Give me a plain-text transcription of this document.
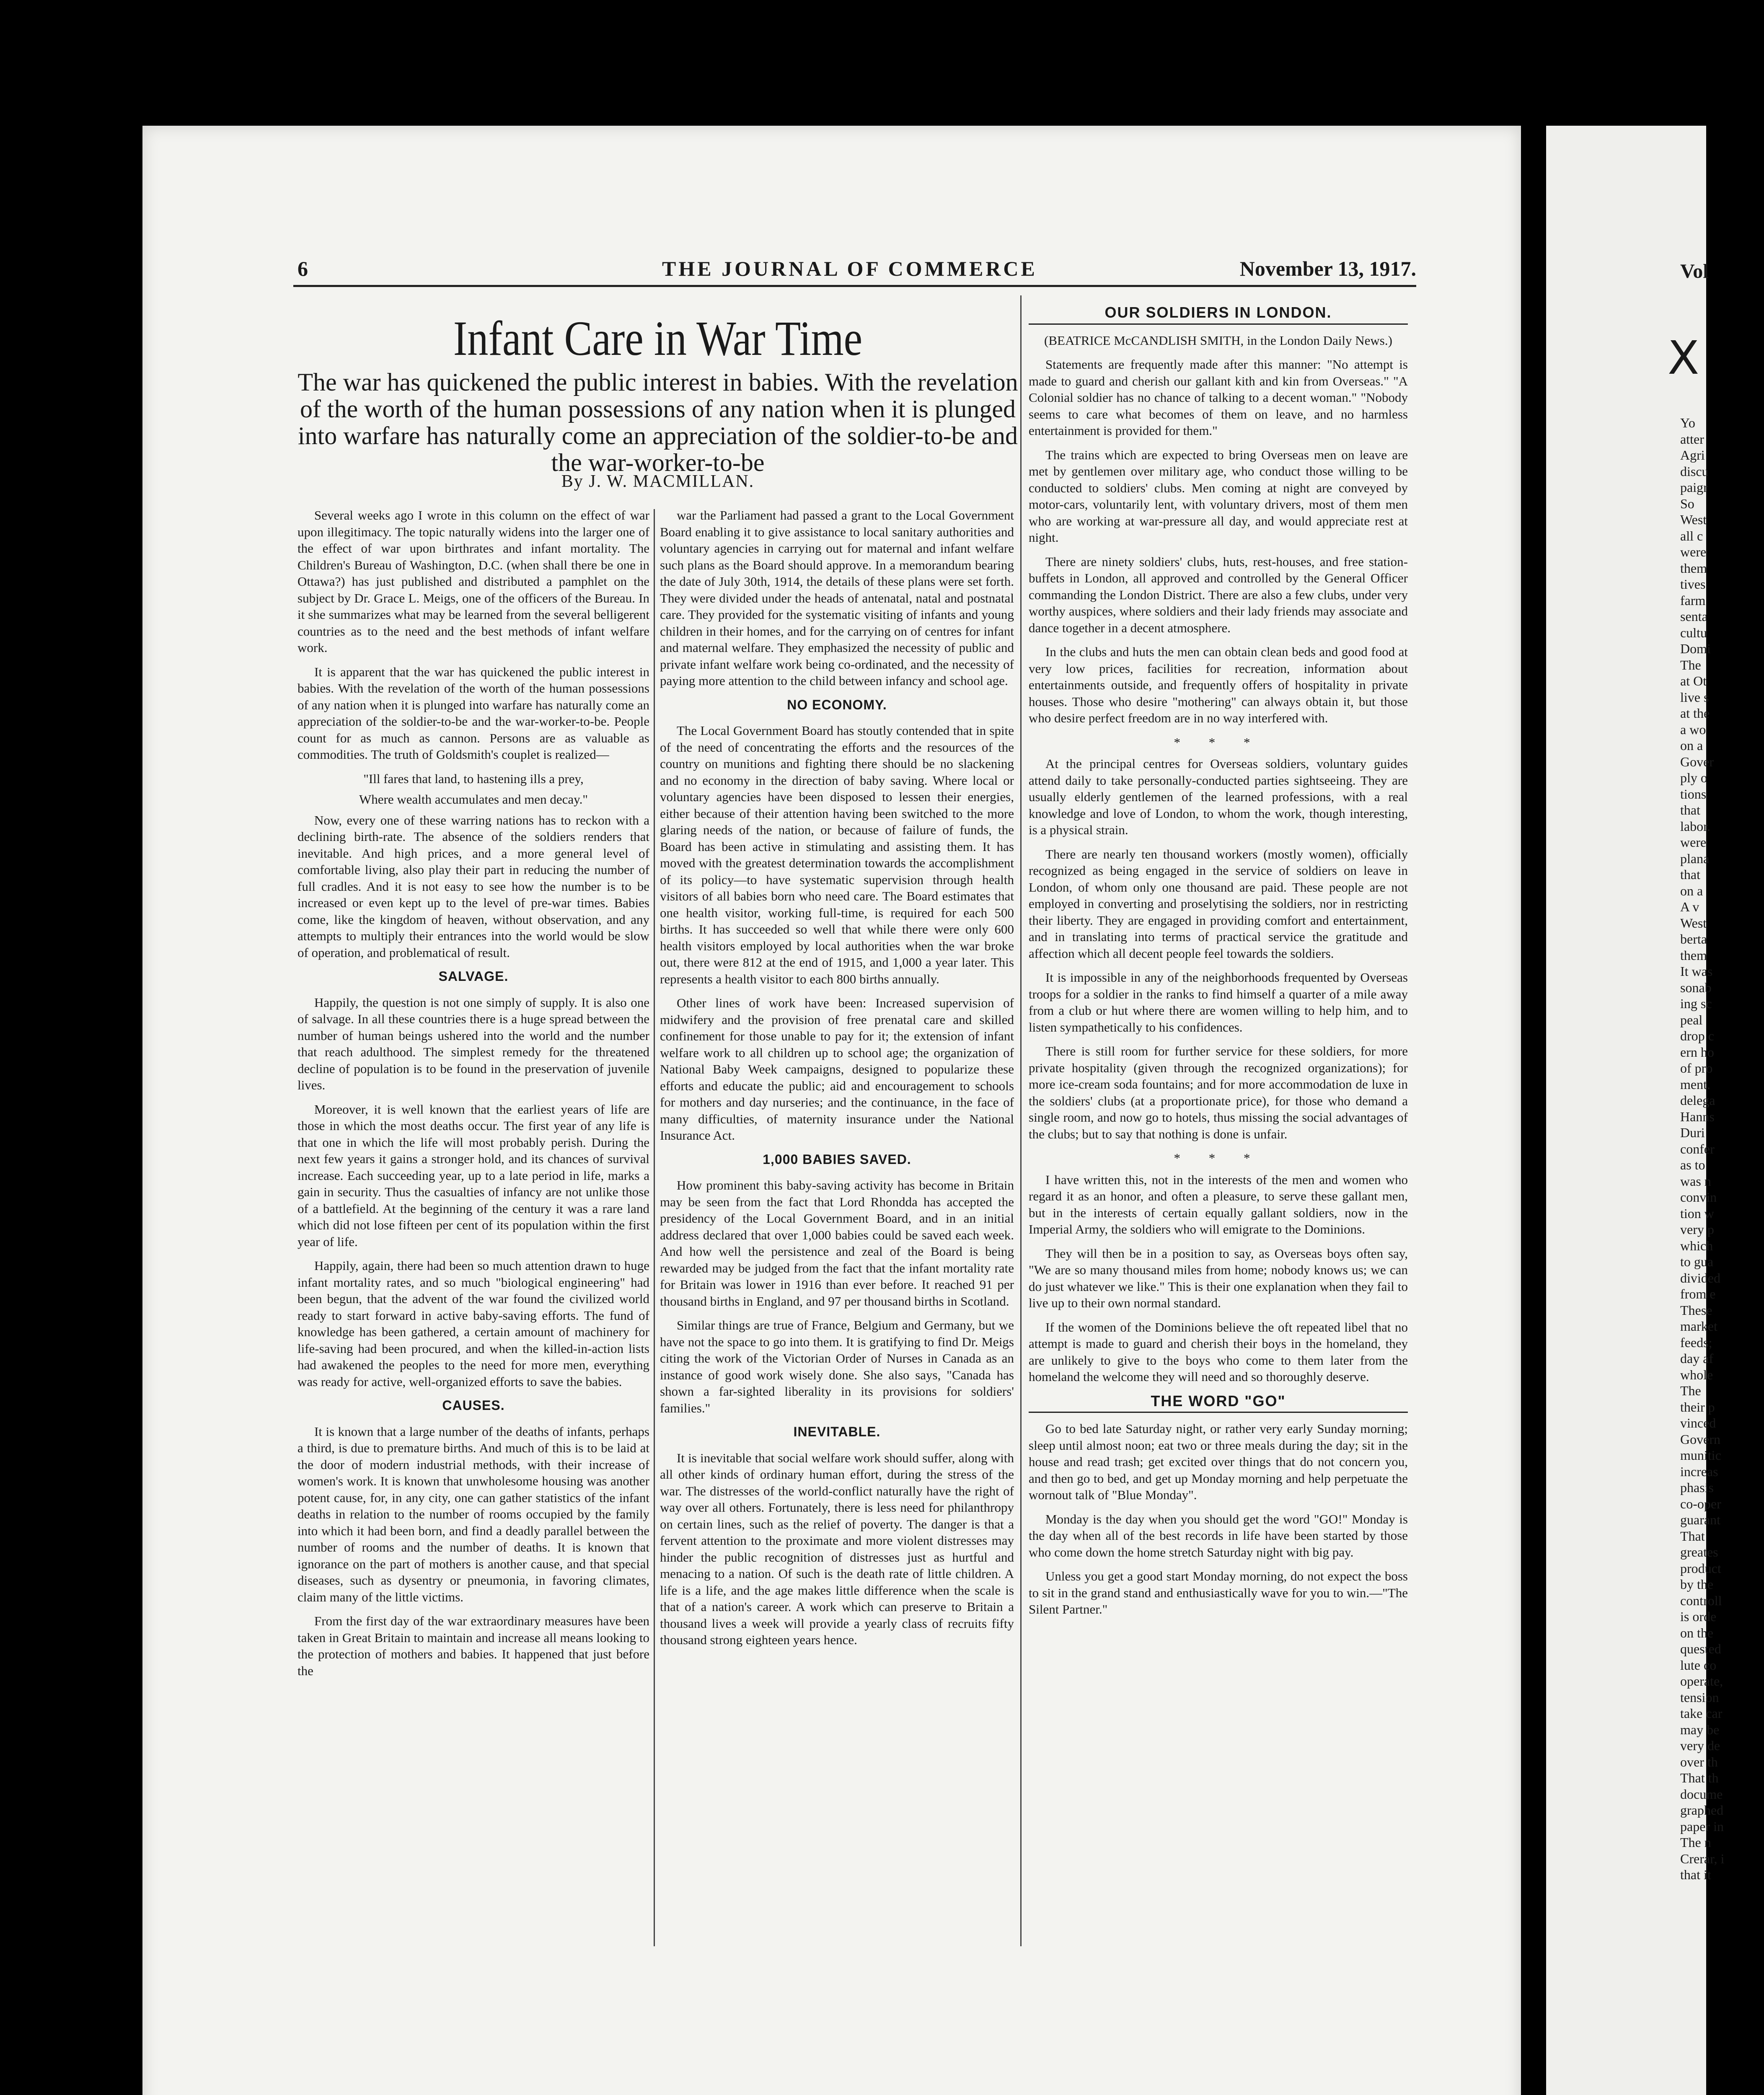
Vol
X
Yo
atter
Agri
discu
paigr
So
West
all c
were
them
tives
farm
senta
cultu
Domi
The
at Ot
live s
at the
a wo
on a
Gover
ply o
tions
that
labor.
were
plana
that
on a
A v
West
berta
them
It was
sonab
ing sc
peal
drop c
ern ho
of pro
ment.
delega
Hanns
Duri
confer
as to
was n
convin
tion w
very p
which
to gua
divided
from e
These
market
feeds;
day af
whole
The
their p
vinced
Govern
munitic
increas
phasis
co-oper
guarant
That
greates
product
by the
controll
is orde
on the
quested
lute co
operate,
tension
take car
may be
very de
over th
That th
docume
graphed
paper in
The n
Crerar, i
that it
6	THE JOURNAL OF COMMERCE	November 13, 1917.
Infant Care in War Time
The war has quickened the public interest in babies. With the revelation of the worth of the human possessions of any nation when it is plunged into warfare has naturally come an appreciation of the soldier-to-be and the war-worker-to-be
By J. W. MACMILLAN.

Several weeks ago I wrote in this column on the effect of war upon illegitimacy. The topic naturally widens into the larger one of the effect of war upon birthrates and infant mortality. The Children's Bureau of Washington, D.C. (when shall there be one in Ottawa?) has just published and distributed a pamphlet on the subject by Dr. Grace L. Meigs, one of the officers of the Bureau. In it she summarizes what may be learned from the several belligerent countries as to the need and the best methods of infant welfare work.

It is apparent that the war has quickened the public interest in babies. With the revelation of the worth of the human possessions of any nation when it is plunged into warfare has naturally come an appreciation of the soldier-to-be and the war-worker-to-be. People count for as much as cannon. Persons are as valuable as commodities. The truth of Goldsmith's couplet is realized—

"Ill fares that land, to hastening ills a prey,

Where wealth accumulates and men decay."

Now, every one of these warring nations has to reckon with a declining birth-rate. The absence of the soldiers renders that inevitable. And high prices, and a more general level of comfortable living, also play their part in reducing the number of full cradles. And it is not easy to see how the number is to be increased or even kept up to the level of pre-war times. Babies come, like the kingdom of heaven, without observation, and any attempts to multiply their entrances into the world would be slow of operation, and problematical of result.

SALVAGE.

Happily, the question is not one simply of supply. It is also one of salvage. In all these countries there is a huge spread between the number of human beings ushered into the world and the number that reach adulthood. The simplest remedy for the threatened decline of population is to be found in the preservation of juvenile lives.

Moreover, it is well known that the earliest years of life are those in which the most deaths occur. The first year of any life is that one in which the life will most probably perish. During the next few years it gains a stronger hold, and its chances of survival increase. Each succeeding year, up to a late period in life, marks a gain in security. Thus the casualties of infancy are not unlike those of a battlefield. At the beginning of the century it was a rare land which did not lose fifteen per cent of its population within the first year of life.

Happily, again, there had been so much attention drawn to huge infant mortality rates, and so much "biological engineering" had been begun, that the advent of the war found the civilized world ready to start forward in active baby-saving efforts. The fund of knowledge has been gathered, a certain amount of machinery for life-saving had been procured, and when the killed-in-action lists had awakened the peoples to the need for more men, everything was ready for active, well-organized efforts to save the babies.

CAUSES.

It is known that a large number of the deaths of infants, perhaps a third, is due to premature births. And much of this is to be laid at the door of modern industrial methods, with their increase of women's work. It is known that unwholesome housing was another potent cause, for, in any city, one can gather statistics of the infant deaths in relation to the number of rooms occupied by the family into which it had been born, and find a deadly parallel between the number of rooms and the number of deaths. It is known that ignorance on the part of mothers is another cause, and that special diseases, such as dysentry or pneumonia, in favoring climates, claim many of the little victims.

From the first day of the war extraordinary measures have been taken in Great Britain to maintain and increase all means looking to the protection of mothers and babies. It happened that just before the

war the Parliament had passed a grant to the Local Government Board enabling it to give assistance to local sanitary authorities and voluntary agencies in carrying out for maternal and infant welfare such plans as the Board should approve. In a memorandum bearing the date of July 30th, 1914, the details of these plans were set forth. They were divided under the heads of antenatal, natal and postnatal care. They provided for the systematic visiting of infants and young children in their homes, and for the carrying on of centres for infant and maternal welfare. They emphasized the necessity of public and private infant welfare work being co-ordinated, and the necessity of paying more attention to the child between infancy and school age.

NO ECONOMY.

The Local Government Board has stoutly contended that in spite of the need of concentrating the efforts and the resources of the country on munitions and fighting there should be no slackening and no economy in the direction of baby saving. Where local or voluntary agencies have been disposed to lessen their energies, either because of their attention having been switched to the more glaring needs of the nation, or because of failure of funds, the Board has been active in stimulating and assisting them. It has moved with the greatest determination towards the accomplishment of its policy—to have systematic supervision through health visitors of all babies born who need care. The Board estimates that one health visitor, working full-time, is required for each 500 births. It has succeeded so well that while there were only 600 health visitors employed by local authorities when the war broke out, there were 812 at the end of 1915, and 1,000 a year later. This represents a health visitor to each 800 births annually.

Other lines of work have been: Increased supervision of midwifery and the provision of free prenatal care and skilled confinement for those unable to pay for it; the extension of infant welfare work to all children up to school age; the organization of National Baby Week campaigns, designed to popularize these efforts and educate the public; aid and encouragement to schools for mothers and day nurseries; and the continuance, in the face of many difficulties, of maternity insurance under the National Insurance Act.

1,000 BABIES SAVED.

How prominent this baby-saving activity has become in Britain may be seen from the fact that Lord Rhondda has accepted the presidency of the Local Government Board, and in an initial address declared that over 1,000 babies could be saved each week. And how well the persistence and zeal of the Board is being rewarded may be judged from the fact that the infant mortality rate for Britain was lower in 1916 than ever before. It reached 91 per thousand births in England, and 97 per thousand births in Scotland.

Similar things are true of France, Belgium and Germany, but we have not the space to go into them. It is gratifying to find Dr. Meigs citing the work of the Victorian Order of Nurses in Canada as an instance of good work wisely done. She also says, "Canada has shown a far-sighted liberality in its provisions for soldiers' families."

INEVITABLE.

It is inevitable that social welfare work should suffer, along with all other kinds of ordinary human effort, during the stress of the war. The distresses of the world-conflict naturally have the right of way over all others. Fortunately, there is less need for philanthropy on certain lines, such as the relief of poverty. The danger is that a fervent attention to the proximate and more violent distresses may hinder the public recognition of distresses just as hurtful and menacing to a nation. Of such is the death rate of little children. A life is a life, and the age makes little difference when the scale is that of a nation's career. A work which can preserve to Britain a thousand lives a week will provide a yearly class of recruits fifty thousand strong eighteen years hence.

OUR SOLDIERS IN LONDON.

(BEATRICE McCANDLISH SMITH, in the London Daily News.)

Statements are frequently made after this manner: "No attempt is made to guard and cherish our gallant kith and kin from Overseas." "A Colonial soldier has no chance of talking to a decent woman." "Nobody seems to care what becomes of them on leave, and no harmless entertainment is provided for them."

The trains which are expected to bring Overseas men on leave are met by gentlemen over military age, who conduct those willing to be conducted to soldiers' clubs. Men coming at night are conveyed by motor-cars, voluntarily lent, with voluntary drivers, most of them men who are working at war-pressure all day, and would appreciate rest at night.

There are ninety soldiers' clubs, huts, rest-houses, and free station-buffets in London, all approved and controlled by the General Officer commanding the London District. There are also a few clubs, under very worthy auspices, where soldiers and their lady friends may associate and dance together in a decent atmosphere.

In the clubs and huts the men can obtain clean beds and good food at very low prices, facilities for recreation, information about entertainments outside, and frequently offers of hospitality in private houses. Those who desire "mothering" can always obtain it, but those who desire perfect freedom are in no way interfered with.

* * *

At the principal centres for Overseas soldiers, voluntary guides attend daily to take personally-conducted parties sightseeing. They are usually elderly gentlemen of the learned professions, with a real knowledge and love of London, to whom the work, though interesting, is a physical strain.

There are nearly ten thousand workers (mostly women), officially recognized as being engaged in the service of soldiers on leave in London, of whom only one thousand are paid. These people are not employed in converting and proselytising the soldiers, nor in restricting their liberty. They are engaged in providing comfort and entertainment, and in translating into terms of practical service the gratitude and affection which all decent people feel towards the soldiers.

It is impossible in any of the neighborhoods frequented by Overseas troops for a soldier in the ranks to find himself a quarter of a mile away from a club or hut where there are women willing to help him, and to listen sympathetically to his confidences.

There is still room for further service for these soldiers, for more private hospitality (given through the recognized organizations); for more ice-cream soda fountains; and for more accommodation de luxe in the soldiers' clubs (at a proportionate price), for those who demand a single room, and now go to hotels, thus missing the social advantages of the clubs; but to say that nothing is done is unfair.

* * *

I have written this, not in the interests of the men and women who regard it as an honor, and often a pleasure, to serve these gallant men, but in the interests of certain equally gallant soldiers, now in the Imperial Army, the soldiers who will emigrate to the Dominions.

They will then be in a position to say, as Overseas boys often say, "We are so many thousand miles from home; nobody knows us; we can do just whatever we like." This is their one explanation when they fail to live up to their own normal standard.

If the women of the Dominions believe the oft repeated libel that no attempt is made to guard and cherish their boys in the homeland, they are unlikely to give to the boys who come to them later from the homeland the welcome they will need and so thoroughly deserve.

THE WORD "GO"

Go to bed late Saturday night, or rather very early Sunday morning; sleep until almost noon; eat two or three meals during the day; sit in the house and read trash; get excited over things that do not concern you, and then go to bed, and get up Monday morning and help perpetuate the wornout talk of "Blue Monday".

Monday is the day when you should get the word "GO!" Monday is the day when all of the best records in life have been started by those who come down the home stretch Saturday night with big pay.

Unless you get a good start Monday morning, do not expect the boss to sit in the grand stand and enthusiastically wave for you to win.—"The Silent Partner."
